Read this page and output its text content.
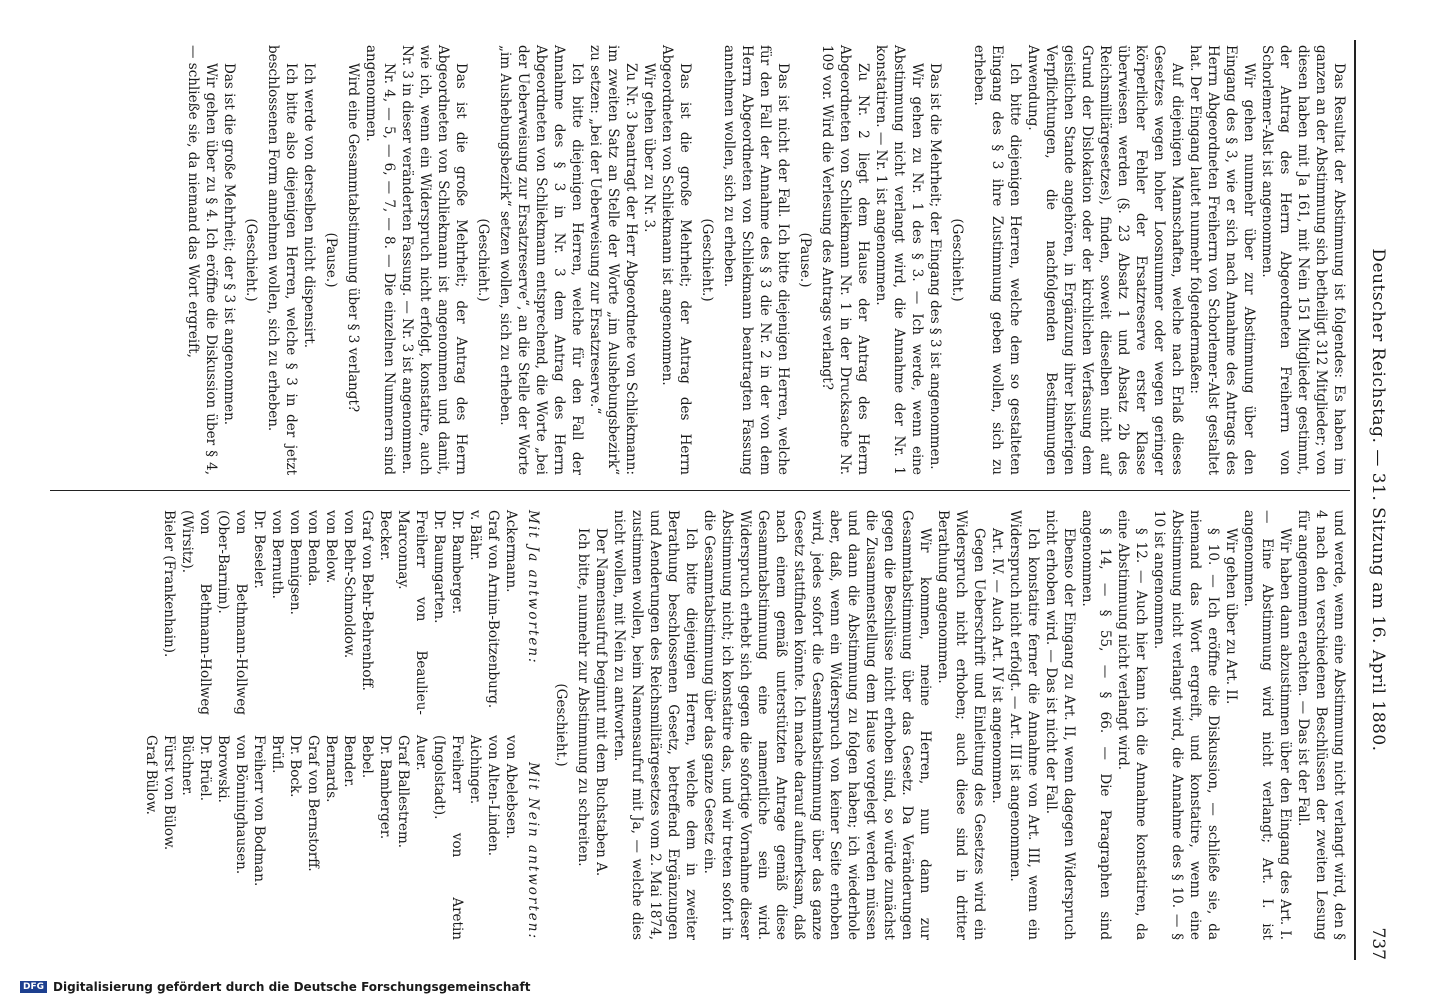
Deutscher Reichstag. — 31. Sitzung am 16. April 1880.
737

Das Resultat der Abstimmung ist folgendes: Es haben im ganzen an der Abstimmung sich betheiligt 312 Mitglieder; von diesen haben mit Ja 161, mit Nein 151 Mitglieder gestimmt, der Antrag des Herrn Abgeordneten Freiherrn von Schorlemer-Alst ist angenommen.

Wir gehen nunmehr über zur Abstimmung über den Eingang des § 3, wie er sich nach Annahme des Antrags des Herrn Abgeordneten Freiherrn von Schorlemer-Alst gestaltet hat. Der Eingang lautet nunmehr folgendermaßen:

Auf diejenigen Mannschaften, welche nach Erlaß dieses Gesetzes wegen hoher Loosnummer oder wegen geringer körperlicher Fehler der Ersatzreserve erster Klasse überwiesen werden (§. 23 Absatz 1 und Absatz 2b des Reichsmilitärgesetzes), finden, soweit dieselben nicht auf Grund der Dislokation oder der kirchlichen Verfassung dem geistlichen Stande angehören, in Ergänzung ihrer bisherigen Verpflichtungen, die nachfolgenden Bestimmungen Anwendung.

Ich bitte diejenigen Herren, welche dem so gestalteten Eingang des § 3 ihre Zustimmung geben wollen, sich zu erheben.

(Geschieht.)

Das ist die Mehrheit; der Eingang des § 3 ist angenommen.

Wir gehen zu Nr. 1 des § 3. — Ich werde, wenn eine Abstimmung nicht verlangt wird, die Annahme der Nr. 1 konstatiren. — Nr. 1 ist angenommen.

Zu Nr. 2 liegt dem Hause der Antrag des Herrn Abgeordneten von Schliekmann Nr. 1 in der Drucksache Nr. 109 vor. Wird die Verlesung des Antrags verlangt?

(Pause.)

Das ist nicht der Fall. Ich bitte diejenigen Herren, welche für den Fall der Annahme des § 3 die Nr. 2 in der von dem Herrn Abgeordneten von Schliekmann beantragten Fassung annehmen wollen, sich zu erheben.

(Geschieht.)

Das ist die große Mehrheit; der Antrag des Herrn Abgeordneten von Schliekmann ist angenommen.

Wir gehen über zu Nr. 3.

Zu Nr. 3 beantragt der Herr Abgeordnete von Schliekmann: im zweiten Satz an Stelle der Worte „im Aushebungsbezirk“ zu setzen: „bei der Ueberweisung zur Ersatzreserve.“

Ich bitte diejenigen Herren, welche für den Fall der Annahme des § 3 in Nr. 3 dem Antrag des Herrn Abgeordneten von Schliekmann entsprechend, die Worte „bei der Ueberweisung zur Ersatzreserve“, an die Stelle der Worte „im Aushebungsbezirk“ setzen wollen, sich zu erheben.

(Geschieht.)

Das ist die große Mehrheit; der Antrag des Herrn Abgeordneten von Schliekmann ist angenommen und damit, wie ich, wenn ein Widerspruch nicht erfolgt, konstatire, auch Nr. 3 in dieser veränderten Fassung. — Nr. 3 ist angenommen.

Nr. 4, — 5, — 6, — 7, — 8. — Die einzelnen Nummern sind angenommen.

Wird eine Gesammtabstimmung über § 3 verlangt?

(Pause.)

Ich werde von derselben nicht dispensirt.

Ich bitte also diejenigen Herren, welche § 3 in der jetzt beschlossenen Form annehmen wollen, sich zu erheben.

(Geschieht.)

Das ist die große Mehrheit; der § 3 ist angenommen.

Wir gehen über zu § 4. Ich eröffne die Diskussion über § 4, — schließe sie, da niemand das Wort ergreift,

und werde, wenn eine Abstimmung nicht verlangt wird, den § 4 nach den verschiedenen Beschlüssen der zweiten Lesung für angenommen erachten. — Das ist der Fall.

Wir haben dann abzustimmen über den Eingang des Art. I. — Eine Abstimmung wird nicht verlangt; Art. I. ist angenommen.

Wir gehen über zu Art. II.

§ 10. — Ich eröffne die Diskussion, — schließe sie, da niemand das Wort ergreift, und konstatire, wenn eine Abstimmung nicht verlangt wird, die Annahme des § 10. — § 10 ist angenommen.

§ 12. — Auch hier kann ich die Annahme konstatiren, da eine Abstimmung nicht verlangt wird.

§ 14, — § 55, — § 66. — Die Paragraphen sind angenommen.

Ebenso der Eingang zu Art. II, wenn dagegen Widerspruch nicht erhoben wird. — Das ist nicht der Fall.

Ich konstatire ferner die Annahme von Art. III, wenn ein Widerspruch nicht erfolgt. — Art. III ist angenommen.

Art. IV. — Auch Art. IV ist angenommen.

Gegen Ueberschrift und Einleitung des Gesetzes wird ein Widerspruch nicht erhoben; auch diese sind in dritter Berathung angenommen.

Wir kommen, meine Herren, nun dann zur Gesammtabstimmung über das Gesetz. Da Veränderungen gegen die Beschlüsse nicht erhoben sind, so würde zunächst die Zusammenstellung dem Hause vorgelegt werden müssen und dann die Abstimmung zu folgen haben; ich wiederhole aber, daß, wenn ein Widerspruch von keiner Seite erhoben wird, jedes sofort die Gesammtabstimmung über das ganze Gesetz stattfinden könnte. Ich mache darauf aufmerksam, daß nach einem gemäß unterstützten Antrage gemäß diese Gesammtabstimmung eine namentliche sein wird. Widerspruch erhebt sich gegen die sofortige Vornahme dieser Abstimmung nicht; ich konstatire das, und wir treten sofort in die Gesammtabstimmung über das ganze Gesetz ein.

Ich bitte diejenigen Herren, welche dem in zweiter Berathung beschlossenen Gesetz, betreffend Ergänzungen und Aenderungen des Reichsmilitärgesetzes vom 2. Mai 1874, zustimmen wollen, beim Namensaufruf mit Ja, — welche dies nicht wollen, mit Nein zu antworten.

Der Namensaufruf beginnt mit dem Buchstaben A.

Ich bitte, nunmehr zur Abstimmung zu schreiten.

(Geschieht.)

Mit Ja antworten:
Mit Nein antworten:
Ackermann.
Graf von Arnim-Boitzenburg.
v. Bähr.
Dr. Bamberger.
Dr. Baumgarten.
Freiherr von Beaulieu-Marconnay.
Becker.
Graf von Behr-Behrenhoff.
von Behr-Schmoldow.
von Below.
von Benda.
von Bennigsen.
von Bernuth.
Dr. Beseler.
von Bethmann-Hollweg (Ober-Barnim).
von Bethmann-Hollweg (Wirsitz).
Bieler (Frankenhain).
von Abelebsen.
von Alten-Linden.
Aichinger.
Freiherr von Aretin (Ingolstadt).
Auer.
Graf Ballestrem.
Dr. Bamberger.
Bebel.
Bender.
Bernards.
Graf von Bernstorff.
Dr. Bock.
Brüfl.
Freiherr von Bodman.
von Bönninghausen.
Borowski.
Dr. Brüel.
Büchner.
Fürst von Bülow.
Graf Bülow.
DFG Digitalisierung gefördert durch die Deutsche Forschungsgemeinschaft
